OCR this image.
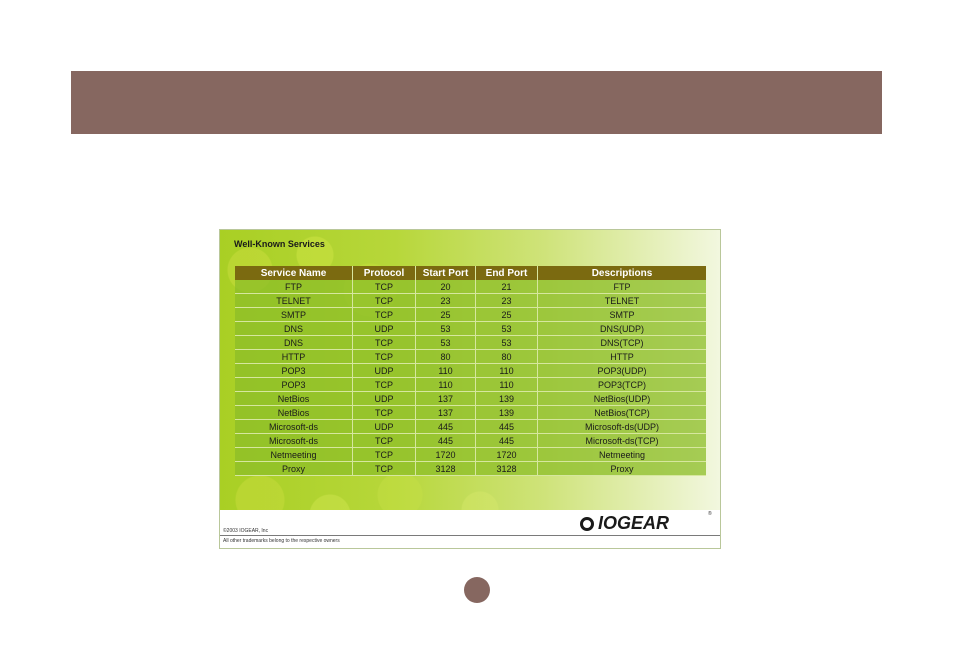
Well-Known Services
Service Name	Protocol	Start Port	End Port	Descriptions
FTP	TCP	20	21	FTP
TELNET	TCP	23	23	TELNET
SMTP	TCP	25	25	SMTP
DNS	UDP	53	53	DNS(UDP)
DNS	TCP	53	53	DNS(TCP)
HTTP	TCP	80	80	HTTP
POP3	UDP	110	110	POP3(UDP)
POP3	TCP	110	110	POP3(TCP)
NetBios	UDP	137	139	NetBios(UDP)
NetBios	TCP	137	139	NetBios(TCP)
Microsoft-ds	UDP	445	445	Microsoft-ds(UDP)
Microsoft-ds	TCP	445	445	Microsoft-ds(TCP)
Netmeeting	TCP	1720	1720	Netmeeting
Proxy	TCP	3128	3128	Proxy
IOGEAR	®
©2003 IOGEAR, Inc
All other trademarks belong to the respective owners
